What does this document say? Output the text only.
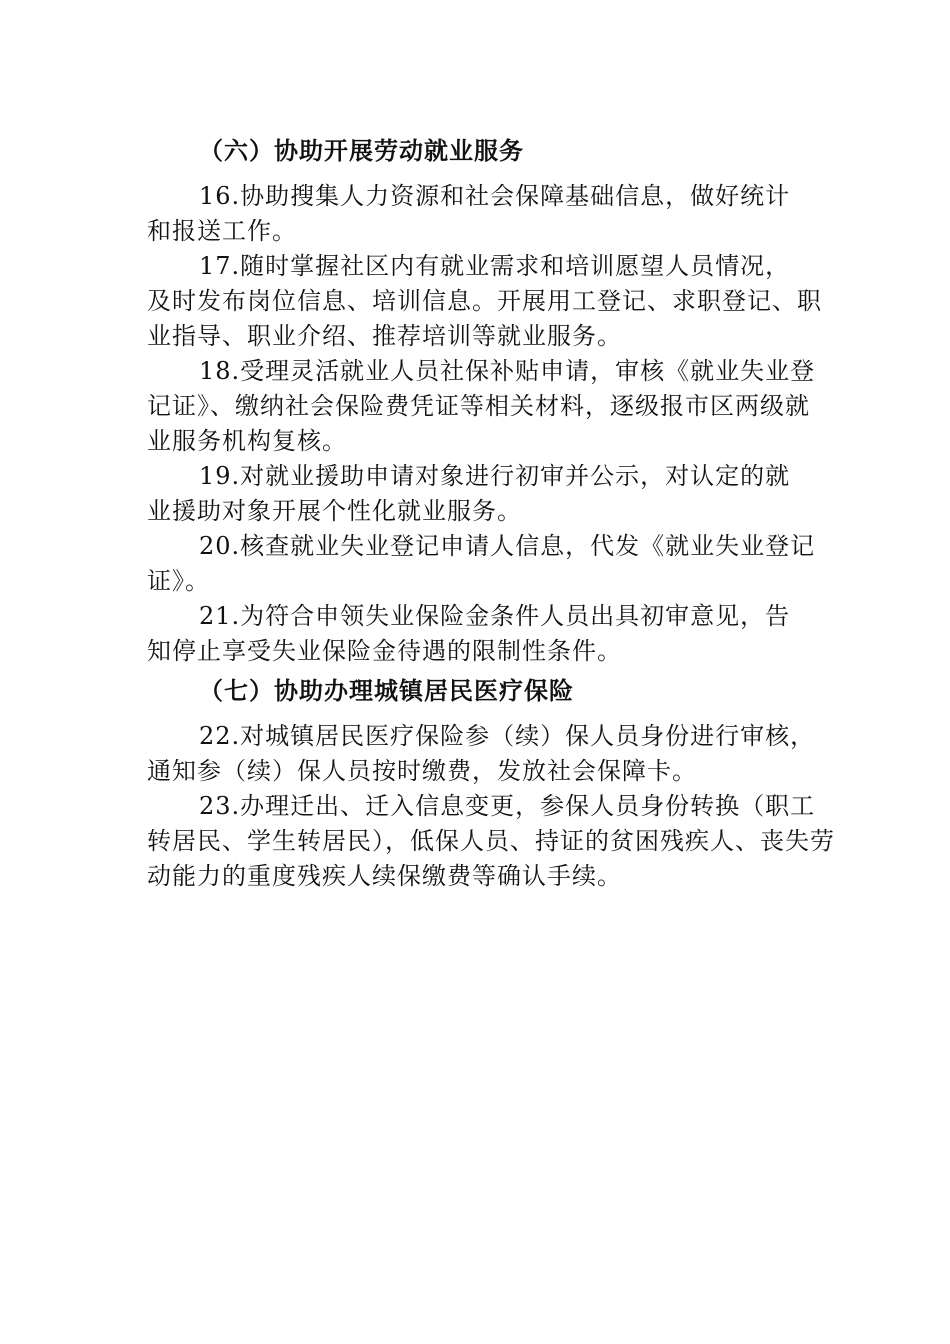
（六）协助开展劳动就业服务

16.协助搜集人力资源和社会保障基础信息，做好统计
和报送工作。
17.随时掌握社区内有就业需求和培训愿望人员情况，
及时发布岗位信息、培训信息。开展用工登记、求职登记、职
业指导、职业介绍、推荐培训等就业服务。
18.受理灵活就业人员社保补贴申请，审核《就业失业登
记证》、缴纳社会保险费凭证等相关材料，逐级报市区两级就
业服务机构复核。
19.对就业援助申请对象进行初审并公示，对认定的就
业援助对象开展个性化就业服务。
20.核查就业失业登记申请人信息，代发《就业失业登记
证》。
21.为符合申领失业保险金条件人员出具初审意见，告
知停止享受失业保险金待遇的限制性条件。

（七）协助办理城镇居民医疗保险

22.对城镇居民医疗保险参（续）保人员身份进行审核，
通知参（续）保人员按时缴费，发放社会保障卡。
23.办理迁出、迁入信息变更，参保人员身份转换（职工
转居民、学生转居民），低保人员、持证的贫困残疾人、丧失劳
动能力的重度残疾人续保缴费等确认手续。
